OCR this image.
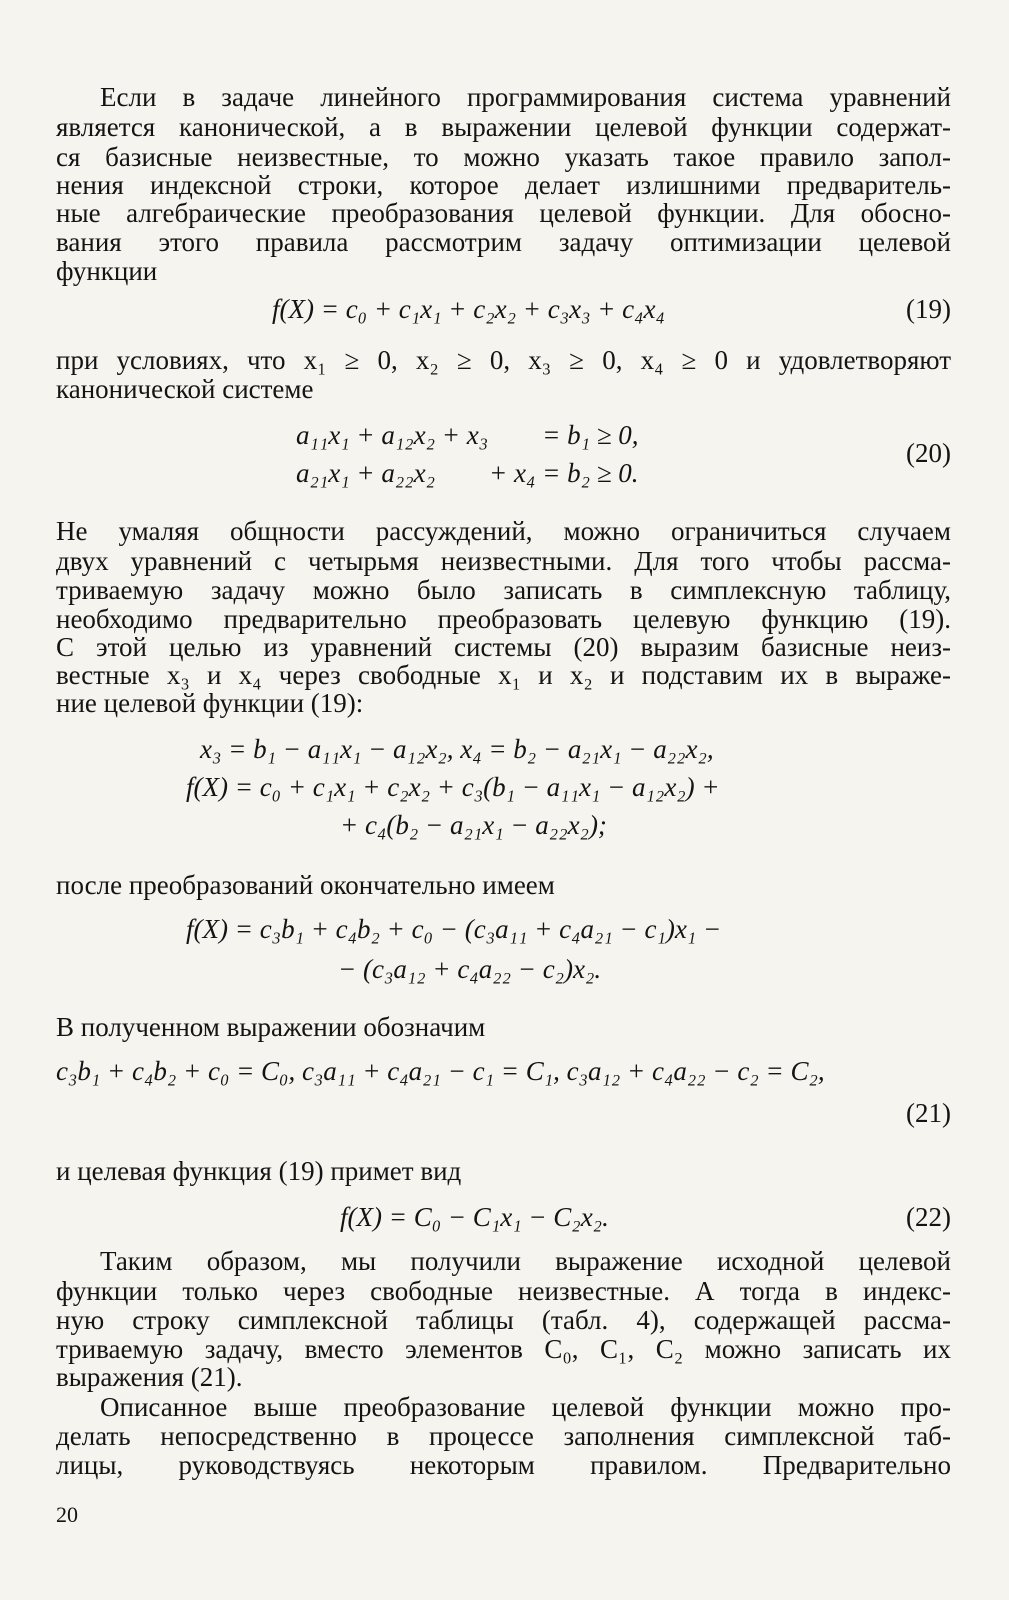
Если в задаче линейного программирования система уравнений
является канонической, а в выражении целевой функции содержат-
ся базисные неизвестные, то можно указать такое правило запол-
нения индексной строки, которое делает излишними предваритель-
ные алгебраические преобразования целевой функции. Для обосно-
вания этого правила рассмотрим задачу оптимизации целевой
функции
f(X) = c₀ + c₁x₁ + c₂x₂ + c₃x₃ + c₄x₄	(19)
при условиях, что x₁ ≥ 0, x₂ ≥ 0, x₃ ≥ 0, x₄ ≥ 0 и удовлетворяют
канонической системе
a₁₁x₁ + a₁₂x₂ + x₃        = b₁ ≥ 0,
a₂₁x₁ + a₂₂x₂        + x₄ = b₂ ≥ 0.
(20)
Не умаляя общности рассуждений, можно ограничиться случаем
двух уравнений с четырьмя неизвестными. Для того чтобы рассма-
триваемую задачу можно было записать в симплексную таблицу,
необходимо предварительно преобразовать целевую функцию (19).
С этой целью из уравнений системы (20) выразим базисные неиз-
вестные x₃ и x₄ через свободные x₁ и x₂ и подставим их в выраже-
ние целевой функции (19):
x₃ = b₁ − a₁₁x₁ − a₁₂x₂, x₄ = b₂ − a₂₁x₁ − a₂₂x₂,
f(X) = c₀ + c₁x₁ + c₂x₂ + c₃(b₁ − a₁₁x₁ − a₁₂x₂) +
+ c₄(b₂ − a₂₁x₁ − a₂₂x₂);
после преобразований окончательно имеем
f(X) = c₃b₁ + c₄b₂ + c₀ − (c₃a₁₁ + c₄a₂₁ − c₁)x₁ −
− (c₃a₁₂ + c₄a₂₂ − c₂)x₂.
В полученном выражении обозначим
c₃b₁ + c₄b₂ + c₀ = C₀, c₃a₁₁ + c₄a₂₁ − c₁ = C₁, c₃a₁₂ + c₄a₂₂ − c₂ = C₂,
(21)
и целевая функция (19) примет вид
f(X) = C₀ − C₁x₁ − C₂x₂.	(22)
Таким образом, мы получили выражение исходной целевой
функции только через свободные неизвестные. А тогда в индекс-
ную строку симплексной таблицы (табл. 4), содержащей рассма-
триваемую задачу, вместо элементов C₀, C₁, C₂ можно записать их
выражения (21).
Описанное выше преобразование целевой функции можно про-
делать непосредственно в процессе заполнения симплексной таб-
лицы, руководствуясь некоторым правилом. Предварительно
20
